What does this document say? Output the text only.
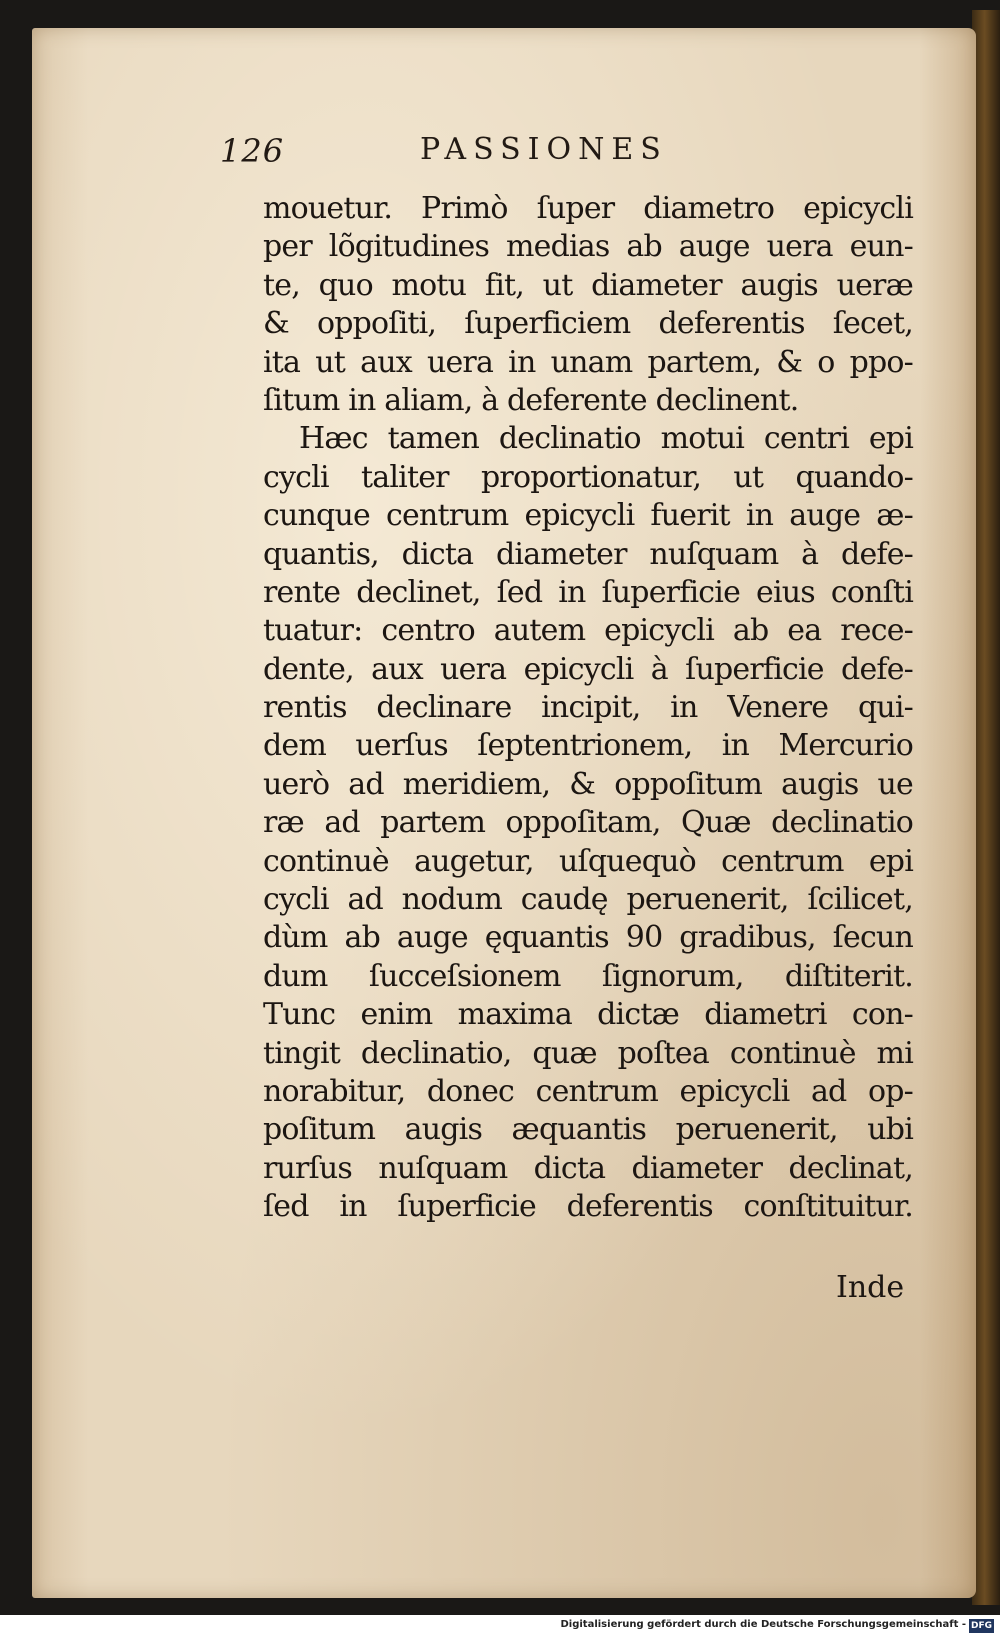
126	PASSIONES
mouetur. Primò ſuper diametro epicycli
per lõgitudines medias ab auge uera eun-
te, quo motu fit, ut diameter augis ueræ
& oppoſiti, ſuperficiem deferentis ſecet,
ita ut aux uera in unam partem, & o ppo-
ſitum in aliam, à deferente declinent.
Hæc tamen declinatio motui centri epi
cycli taliter proportionatur, ut quando-
cunque centrum epicycli fuerit in auge æ-
quantis, dicta diameter nuſquam à defe-
rente declinet, ſed in ſuperficie eius conſti
tuatur: centro autem epicycli ab ea rece-
dente, aux uera epicycli à ſuperficie defe-
rentis declinare incipit, in Venere qui-
dem uerſus ſeptentrionem, in Mercurio
uerò ad meridiem, & oppoſitum augis ue
ræ ad partem oppoſitam, Quæ declinatio
continuè augetur, uſquequò centrum epi
cycli ad nodum caudę peruenerit, ſcilicet,
dùm ab auge ęquantis 90 gradibus, ſecun
dum ſucceſsionem ſignorum, diſtiterit.
Tunc enim maxima dictæ diametri con-
tingit declinatio, quæ poſtea continuè mi
norabitur, donec centrum epicycli ad op-
poſitum augis æquantis peruenerit, ubi
rurſus nuſquam dicta diameter declinat,
ſed in ſuperficie deferentis conſtituitur.
Inde
Digitalisierung gefördert durch die Deutsche Forschungsgemeinschaft - DFG
